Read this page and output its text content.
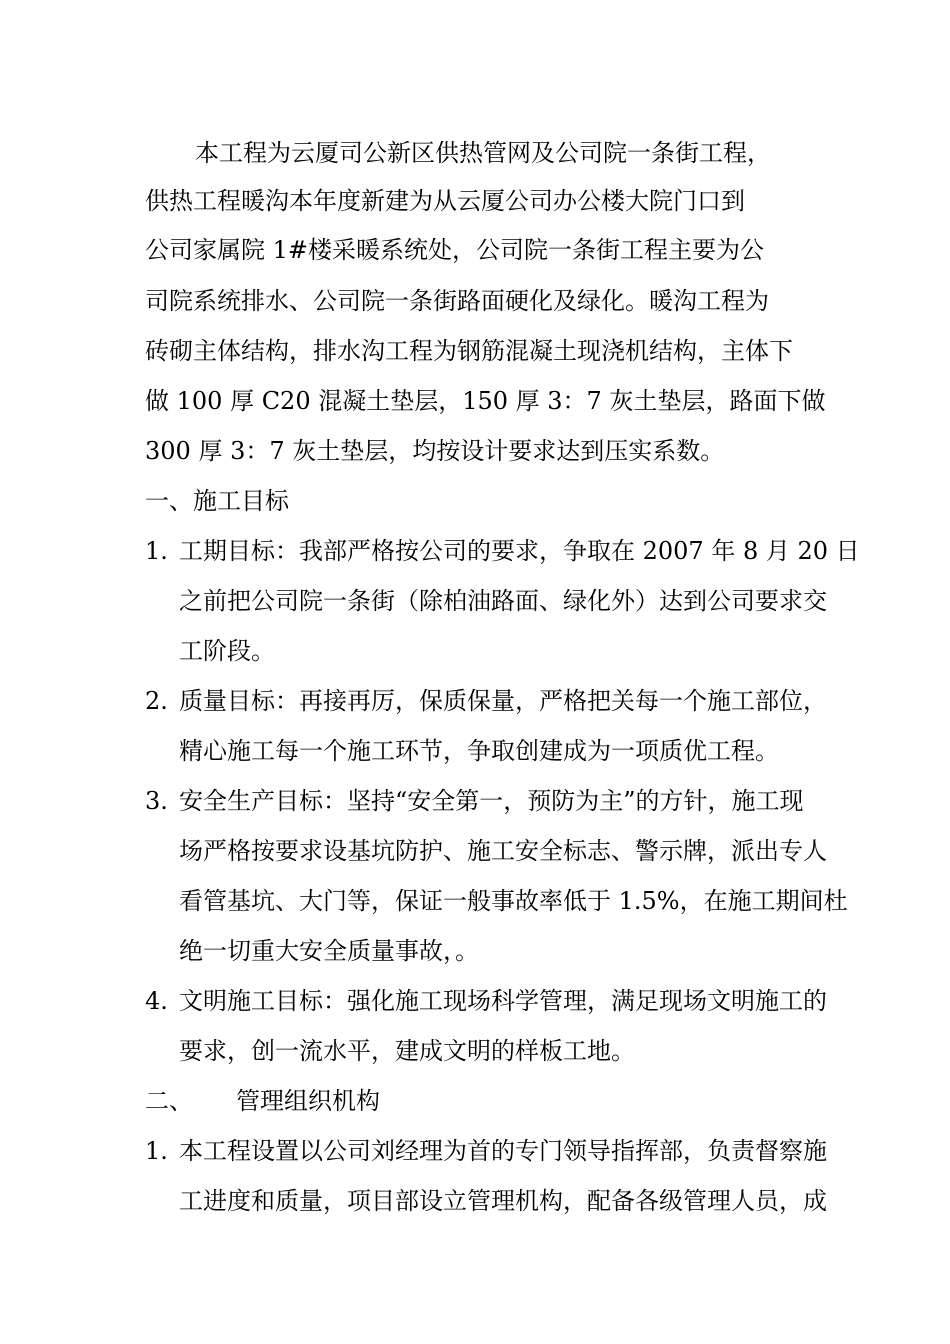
本工程为云厦司公新区供热管网及公司院一条街工程，
供热工程暖沟本年度新建为从云厦公司办公楼大院门口到
公司家属院 1#楼采暖系统处，公司院一条街工程主要为公
司院系统排水、公司院一条街路面硬化及绿化。暖沟工程为
砖砌主体结构，排水沟工程为钢筋混凝土现浇机结构，主体下
做 100 厚 C20 混凝土垫层，150 厚 3：7 灰土垫层，路面下做
300 厚 3：7 灰土垫层，均按设计要求达到压实系数。
一、施工目标
1. 工期目标：我部严格按公司的要求，争取在 2007 年 8 月 20 日
之前把公司院一条街（除柏油路面、绿化外）达到公司要求交
工阶段。
2. 质量目标：再接再厉，保质保量，严格把关每一个施工部位，
精心施工每一个施工环节，争取创建成为一项质优工程。
3. 安全生产目标：坚持“安全第一，预防为主”的方针，施工现
场严格按要求设基坑防护、施工安全标志、警示牌，派出专人
看管基坑、大门等，保证一般事故率低于 1.5%，在施工期间杜
绝一切重大安全质量事故，。
4. 文明施工目标：强化施工现场科学管理，满足现场文明施工的
要求，创一流水平，建成文明的样板工地。
二、 管理组织机构
1. 本工程设置以公司刘经理为首的专门领导指挥部，负责督察施
工进度和质量，项目部设立管理机构，配备各级管理人员，成
